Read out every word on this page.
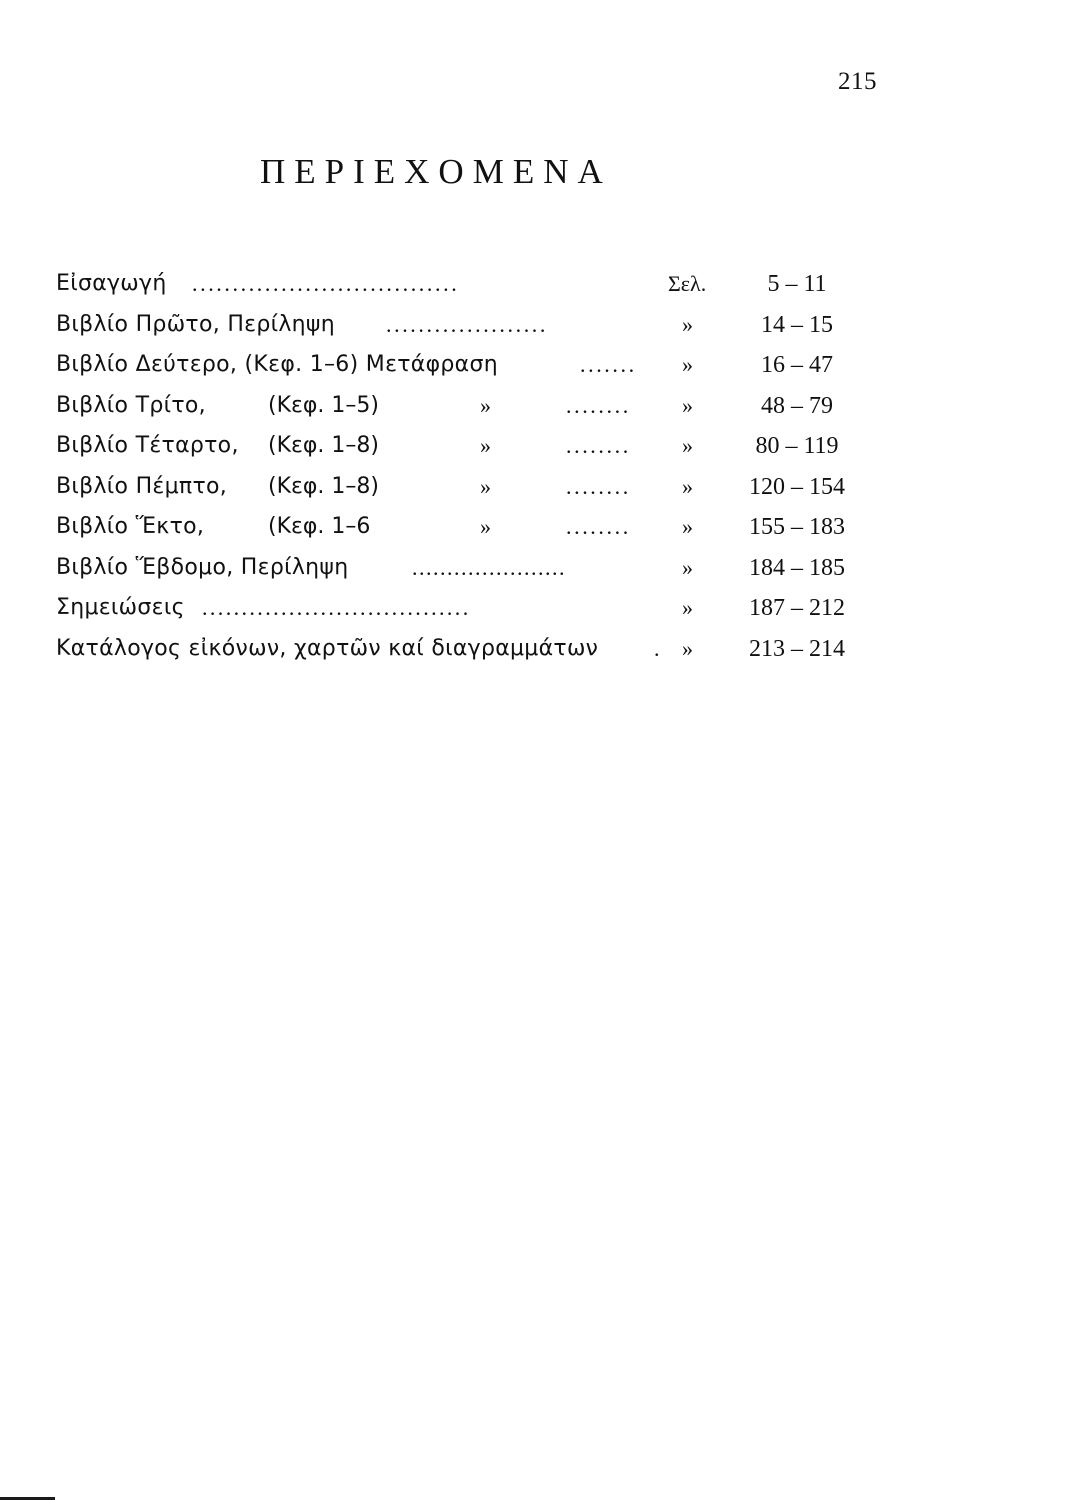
215
ΠΕΡΙΕΧΟΜΕΝΑ
Εἰσαγωγή .................................	Σελ.	5 – 11
Βιβλίο Πρῶτο, Περίληψη ....................	»	14 – 15
Βιβλίο Δεύτερο, (Κεφ. 1–6) Μετάφραση	....... »	16 – 47
Βιβλίο Τρίτο,	(Κεφ. 1–5)	»	........ »	48 – 79
Βιβλίο Τέταρτο, (Κεφ. 1–8)	»	........ »	80 – 119
Βιβλίο Πέμπτο, (Κεφ. 1–8)	»	........ »	120 – 154
Βιβλίο Ἕκτο,	(Κεφ. 1–6	»	........ »	155 – 183
Βιβλίο Ἕβδομο, Περίληψη	......................	»	184 – 185
Σημειώσεις ..................................	»	187 – 212
Κατάλογος εἰκόνων, χαρτῶν καί διαγραμμάτων	. »	213 – 214
